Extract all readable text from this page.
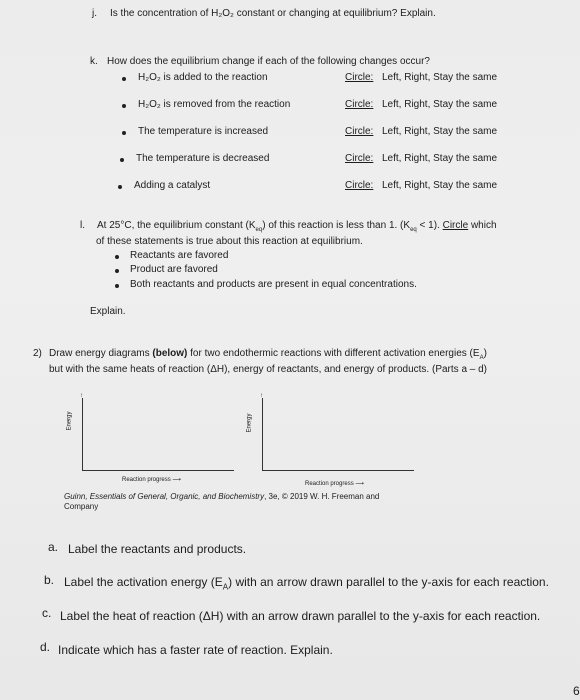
j. Is the concentration of H₂O₂ constant or changing at equilibrium? Explain.
k. How does the equilibrium change if each of the following changes occur?
H₂O₂ is added to the reaction	Circle: Left, Right, Stay the same
H₂O₂ is removed from the reaction	Circle: Left, Right, Stay the same
The temperature is increased	Circle: Left, Right, Stay the same
The temperature is decreased	Circle: Left, Right, Stay the same
Adding a catalyst	Circle: Left, Right, Stay the same
l. At 25°C, the equilibrium constant $(K_{eq})$ of this reaction is less than 1. $(K_{eq} < 1)$. Circle which
of these statements is true about this reaction at equilibrium.
Reactants are favored
Product are favored
Both reactants and products are present in equal concentrations.
Explain.
2) Draw energy diagrams (below) for two endothermic reactions with different activation energies $(E_A)$
but with the same heats of reaction (ΔH), energy of reactants, and energy of products. (Parts a – d)
↑
Energy
Reaction progress ⟶
↑
Energy
Reaction progress ⟶
Guinn, Essentials of General, Organic, and Biochemistry, 3e, © 2019 W. H. Freeman and
Company
a. Label the reactants and products.
b. Label the activation energy $(E_A)$ with an arrow drawn parallel to the y-axis for each reaction.
c. Label the heat of reaction (ΔH) with an arrow drawn parallel to the y-axis for each reaction.
d. Indicate which has a faster rate of reaction. Explain.
6
